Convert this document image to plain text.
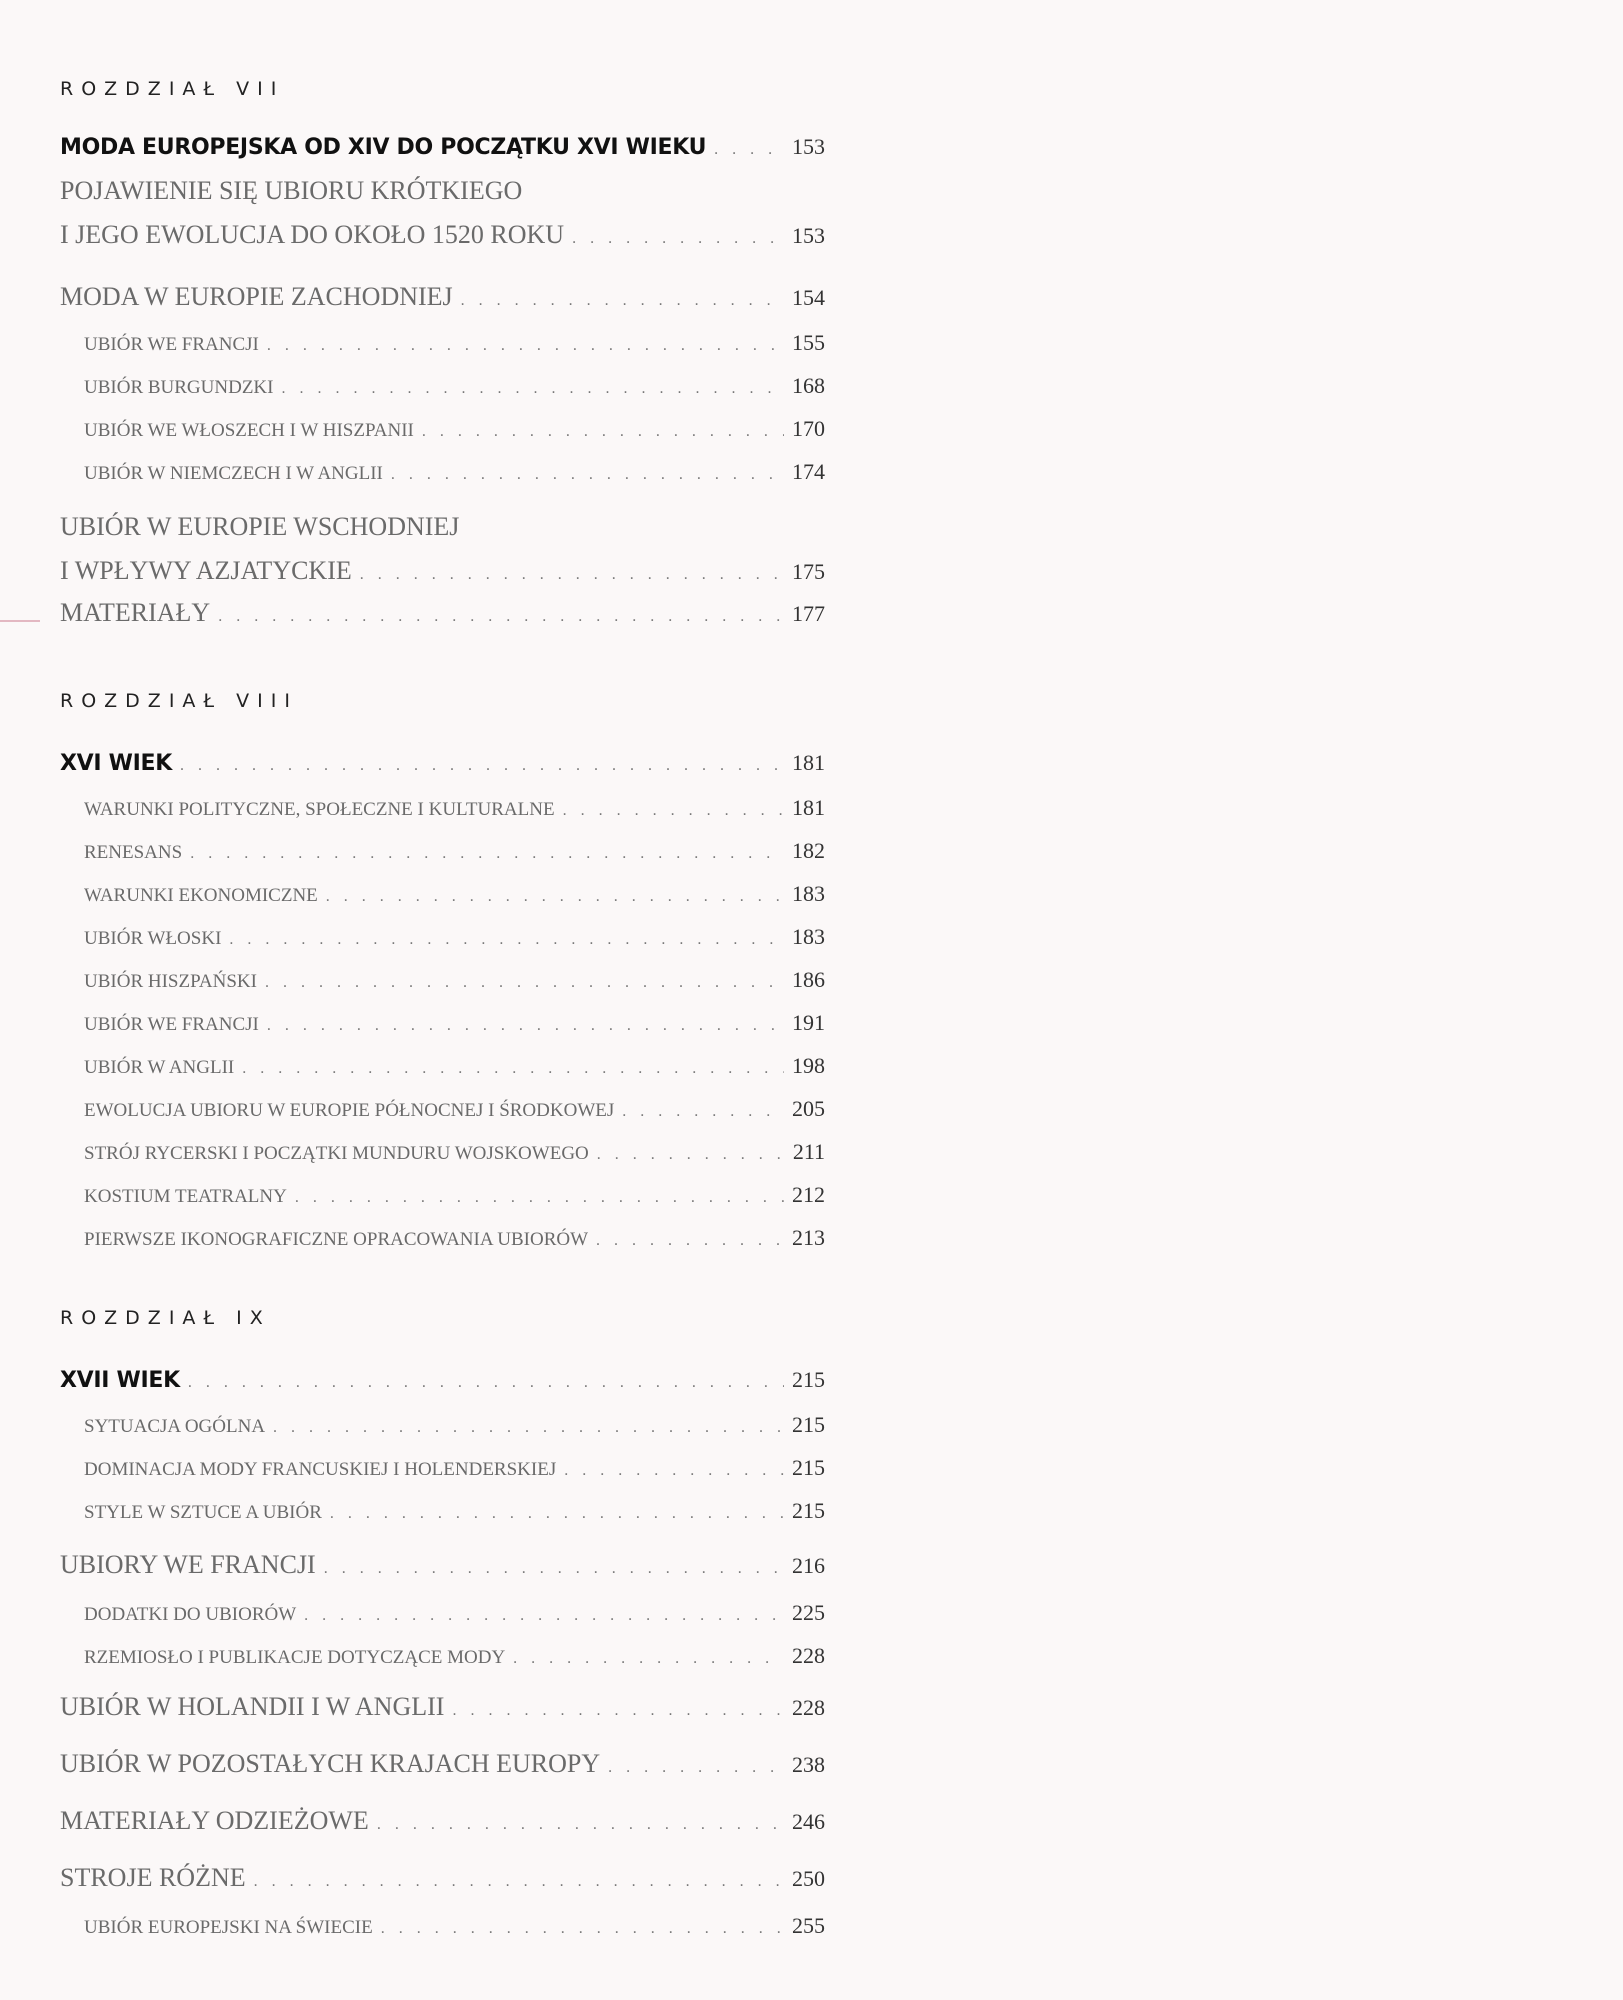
ROZDZIAŁ VII
MODA EUROPEJSKA OD XIV DO POCZĄTKU XVI WIEKU . . .	153
POJAWIENIE SIĘ UBIORU KRÓTKIEGO
I JEGO EWOLUCJA DO OKOŁO 1520 ROKU . . .	153
MODA W EUROPIE ZACHODNIEJ . . .	154
UBIÓR WE FRANCJI . . .	155
UBIÓR BURGUNDZKI . . .	168
UBIÓR WE WŁOSZECH I W HISZPANII . . .	170
UBIÓR W NIEMCZECH I W ANGLII . . .	174
UBIÓR W EUROPIE WSCHODNIEJ
I WPŁYWY AZJATYCKIE . . .	175
MATERIAŁY . . .	177
ROZDZIAŁ VIII
XVI WIEK . . .	181
WARUNKI POLITYCZNE, SPOŁECZNE I KULTURALNE . . .	181
RENESANS . . .	182
WARUNKI EKONOMICZNE . . .	183
UBIÓR WŁOSKI . . .	183
UBIÓR HISZPAŃSKI . . .	186
UBIÓR WE FRANCJI . . .	191
UBIÓR W ANGLII . . .	198
EWOLUCJA UBIORU W EUROPIE PÓŁNOCNEJ I ŚRODKOWEJ . . .	205
STRÓJ RYCERSKI I POCZĄTKI MUNDURU WOJSKOWEGO . . .	211
KOSTIUM TEATRALNY . . .	212
PIERWSZE IKONOGRAFICZNE OPRACOWANIA UBIORÓW . . .	213
ROZDZIAŁ IX
XVII WIEK . . .	215
SYTUACJA OGÓLNA . . .	215
DOMINACJA MODY FRANCUSKIEJ I HOLENDERSKIEJ . . .	215
STYLE W SZTUCE A UBIÓR . . .	215
UBIORY WE FRANCJI . . .	216
DODATKI DO UBIORÓW . . .	225
RZEMIOSŁO I PUBLIKACJE DOTYCZĄCE MODY . . .	228
UBIÓR W HOLANDII I W ANGLII . . .	228
UBIÓR W POZOSTAŁYCH KRAJACH EUROPY . . .	238
MATERIAŁY ODZIEŻOWE . . .	246
STROJE RÓŻNE . . .	250
UBIÓR EUROPEJSKI NA ŚWIECIE . . .	255
